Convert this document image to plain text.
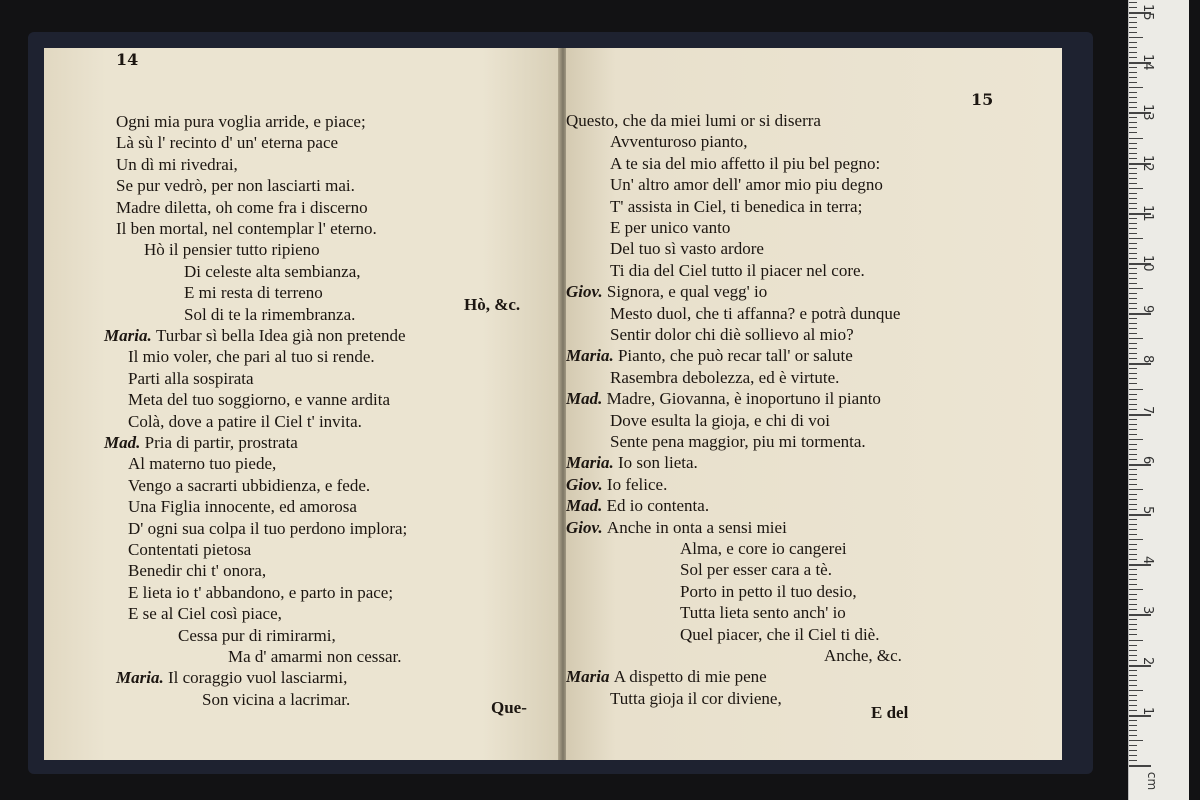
14
Ogni mia pura voglia arride, e piace;
Là sù l' recinto d' un' eterna pace
Un dì mi rivedrai,
Se pur vedrò, per non lasciarti mai.
Madre diletta, oh come fra i discerno
Il ben mortal, nel contemplar l' eterno.
Hò il pensier tutto ripieno
Di celeste alta sembianza,
E mi resta di terreno
Sol di te la rimembranza.
Maria. Turbar sì bella Idea già non pretende
Il mio voler, che pari al tuo si rende.
Parti alla sospirata
Meta del tuo soggiorno, e vanne ardita
Colà, dove a patire il Ciel t' invita.
Mad. Pria di partir, prostrata
Al materno tuo piede,
Vengo a sacrarti ubbidienza, e fede.
Una Figlia innocente, ed amorosa
D' ogni sua colpa il tuo perdono implora;
Contentati pietosa
Benedir chi t' onora,
E lieta io t' abbandono, e parto in pace;
E se al Ciel così piace,
Cessa pur di rimirarmi,
Ma d' amarmi non cessar.
Maria. Il coraggio vuol lasciarmi,
Son vicina a lacrimar.
Hò, &c.
Que-
15
Questo, che da miei lumi or si diserra
Avventuroso pianto,
A te sia del mio affetto il piu bel pegno:
Un' altro amor dell' amor mio piu degno
T' assista in Ciel, ti benedica in terra;
E per unico vanto
Del tuo sì vasto ardore
Ti dia del Ciel tutto il piacer nel core.
Giov. Signora, e qual vegg' io
Mesto duol, che ti affanna? e potrà dunque
Sentir dolor chi diè sollievo al mio?
Maria. Pianto, che può recar tall' or salute
Rasembra debolezza, ed è virtute.
Mad. Madre, Giovanna, è inoportuno il pianto
Dove esulta la gioja, e chi di voi
Sente pena maggior, piu mi tormenta.
Maria. Io son lieta.
Giov. Io felice.
Mad. Ed io contenta.
Giov. Anche in onta a sensi miei
Alma, e core io cangerei
Sol per esser cara a tè.
Porto in petto il tuo desio,
Tutta lieta sento anch' io
Quel piacer, che il Ciel ti diè.
Anche, &c.
Maria A dispetto di mie pene
Tutta gioja il cor diviene,
E del	1
2
3
4
5
6
7
8
9
10
11
12
13
14
15
cm
